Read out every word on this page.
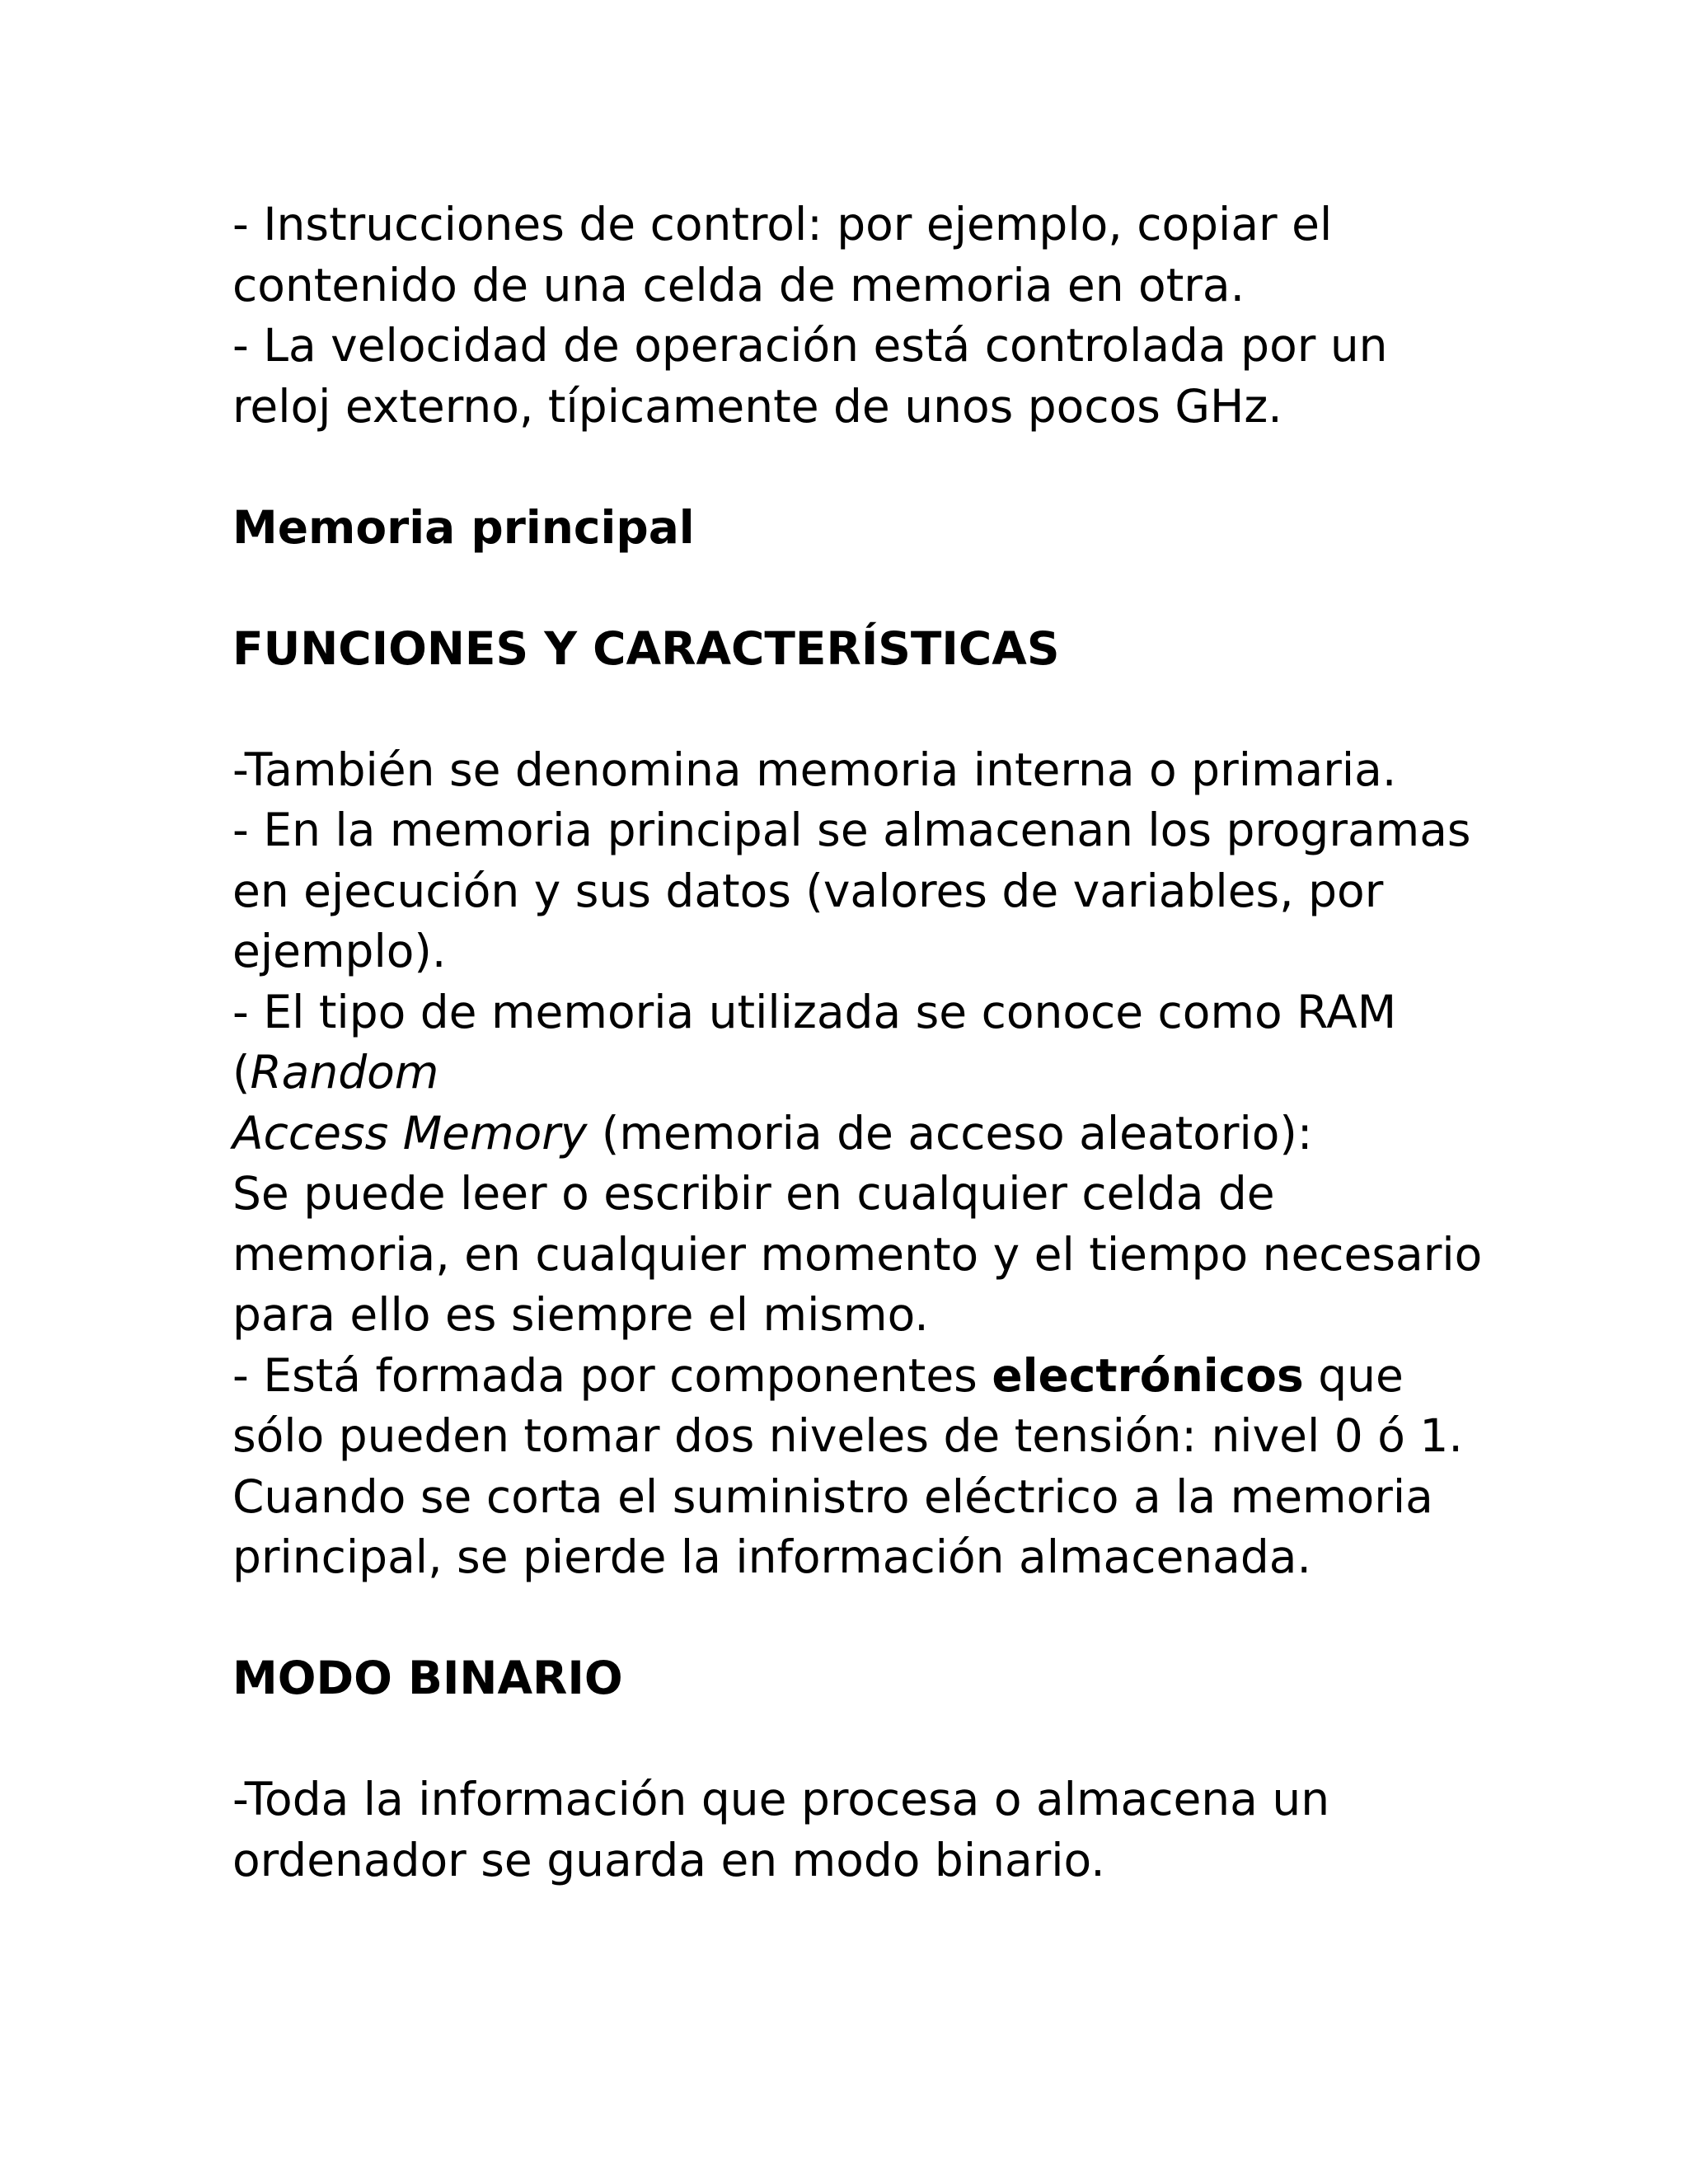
- Instrucciones de control: por ejemplo, copiar el
contenido de una celda de memoria en otra.
- La velocidad de operación está controlada por un
reloj externo, típicamente de unos pocos GHz.
Memoria principal
FUNCIONES Y CARACTERÍSTICAS
-También se denomina memoria interna o primaria.
- En la memoria principal se almacenan los programas
en ejecución y sus datos (valores de variables, por
ejemplo).
- El tipo de memoria utilizada se conoce como RAM
(Random
Access Memory (memoria de acceso aleatorio):
Se puede leer o escribir en cualquier celda de
memoria, en cualquier momento y el tiempo necesario
para ello es siempre el mismo.
- Está formada por componentes electrónicos que
sólo pueden tomar dos niveles de tensión: nivel 0 ó 1.
Cuando se corta el suministro eléctrico a la memoria
principal, se pierde la información almacenada.
MODO BINARIO
-Toda la información que procesa o almacena un
ordenador se guarda en modo binario.
